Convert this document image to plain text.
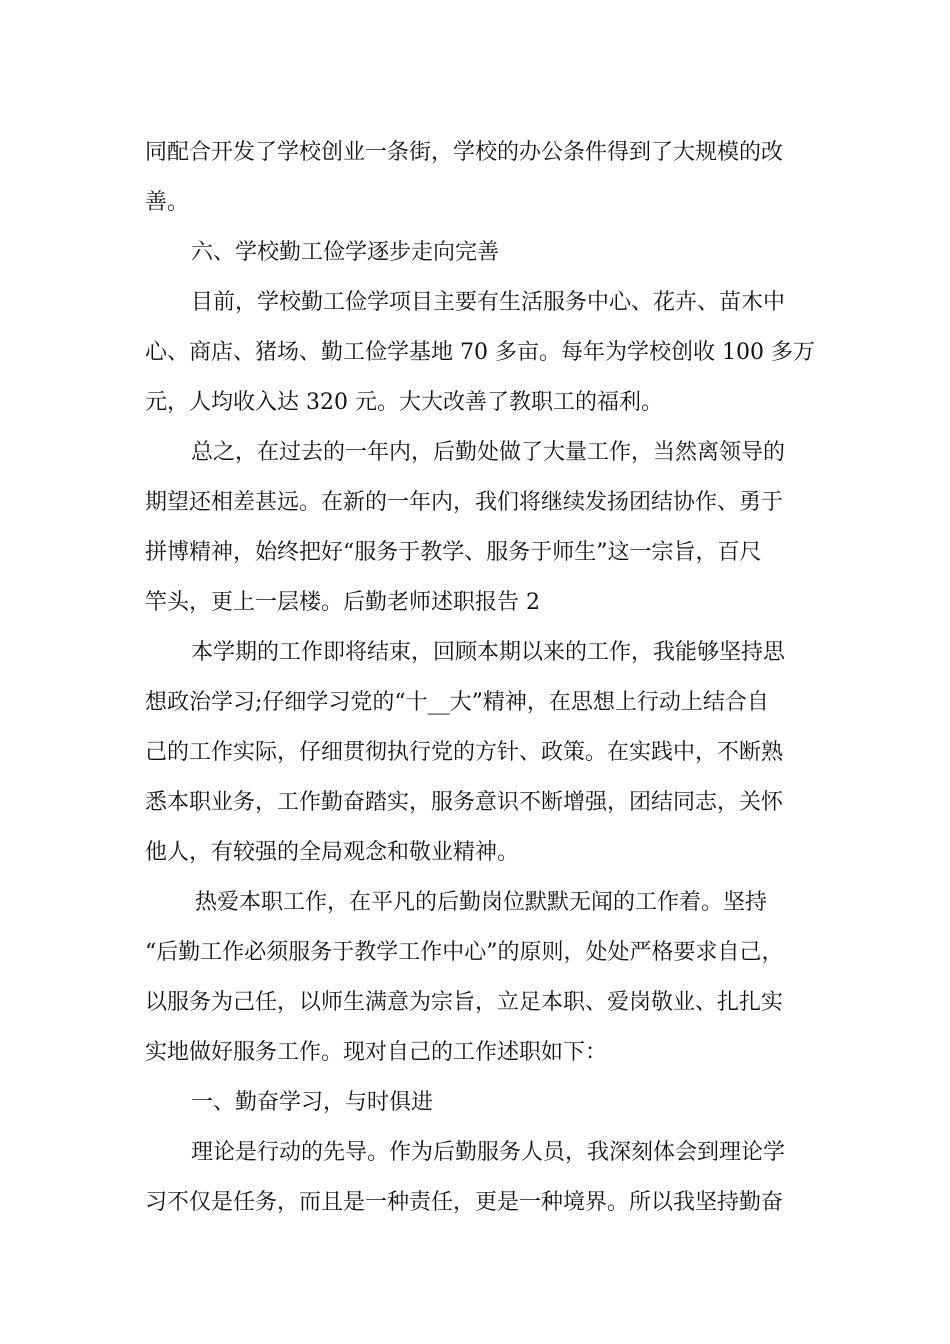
同配合开发了学校创业一条街，学校的办公条件得到了大规模的改
善。
六、学校勤工俭学逐步走向完善
目前，学校勤工俭学项目主要有生活服务中心、花卉、苗木中
心、商店、猪场、勤工俭学基地 70 多亩。每年为学校创收 100 多万
元，人均收入达 320 元。大大改善了教职工的福利。
总之，在过去的一年内，后勤处做了大量工作，当然离领导的
期望还相差甚远。在新的一年内，我们将继续发扬团结协作、勇于
拼博精神，始终把好“服务于教学、服务于师生”这一宗旨，百尺
竿头，更上一层楼。后勤老师述职报告 2
本学期的工作即将结束，回顾本期以来的工作，我能够坚持思
想政治学习;仔细学习党的“十__大”精神，在思想上行动上结合自
己的工作实际，仔细贯彻执行党的方针、政策。在实践中，不断熟
悉本职业务，工作勤奋踏实，服务意识不断增强，团结同志，关怀
他人，有较强的全局观念和敬业精神。
热爱本职工作，在平凡的后勤岗位默默无闻的工作着。坚持
“后勤工作必须服务于教学工作中心”的原则，处处严格要求自己，
以服务为己任，以师生满意为宗旨，立足本职、爱岗敬业、扎扎实
实地做好服务工作。现对自己的工作述职如下：
一、勤奋学习，与时俱进
理论是行动的先导。作为后勤服务人员，我深刻体会到理论学
习不仅是任务，而且是一种责任，更是一种境界。所以我坚持勤奋
